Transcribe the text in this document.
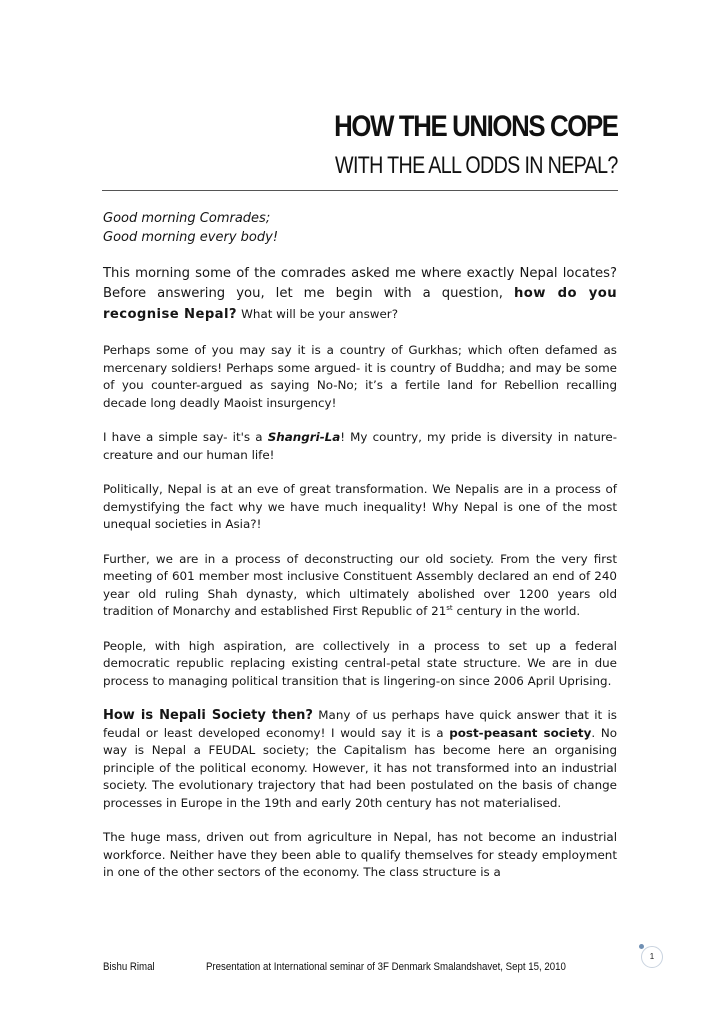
HOW THE UNIONS COPE
WITH THE ALL ODDS IN NEPAL?

Good morning Comrades;
Good morning every body!

This morning some of the comrades asked me where exactly Nepal locates? Before answering you, let me begin with a question, how do you recognise Nepal? What will be your answer?

Perhaps some of you may say it is a country of Gurkhas; which often defamed as mercenary soldiers! Perhaps some argued- it is country of Buddha; and may be some of you counter-argued as saying No-No; it’s a fertile land for Rebellion recalling decade long deadly Maoist insurgency!

I have a simple say- it's a Shangri-La! My country, my pride is diversity in nature-creature and our human life!

Politically, Nepal is at an eve of great transformation. We Nepalis are in a process of demystifying the fact why we have much inequality! Why Nepal is one of the most unequal societies in Asia?!

Further, we are in a process of deconstructing our old society. From the very first meeting of 601 member most inclusive Constituent Assembly declared an end of 240 year old ruling Shah dynasty, which ultimately abolished over 1200 years old tradition of Monarchy and established First Republic of 21st century in the world.

People, with high aspiration, are collectively in a process to set up a federal democratic republic replacing existing central-petal state structure. We are in due process to managing political transition that is lingering-on since 2006 April Uprising.

How is Nepali Society then? Many of us perhaps have quick answer that it is feudal or least developed economy! I would say it is a post-peasant society. No way is Nepal a FEUDAL society; the Capitalism has become here an organising principle of the political economy. However, it has not transformed into an industrial society. The evolutionary trajectory that had been postulated on the basis of change processes in Europe in the 19th and early 20th century has not materialised.

The huge mass, driven out from agriculture in Nepal, has not become an industrial workforce. Neither have they been able to qualify themselves for steady employment in one of the other sectors of the economy. The class structure is a

1
Bishu Rimal	Presentation at International seminar of 3F Denmark Smalandshavet, Sept 15, 2010
